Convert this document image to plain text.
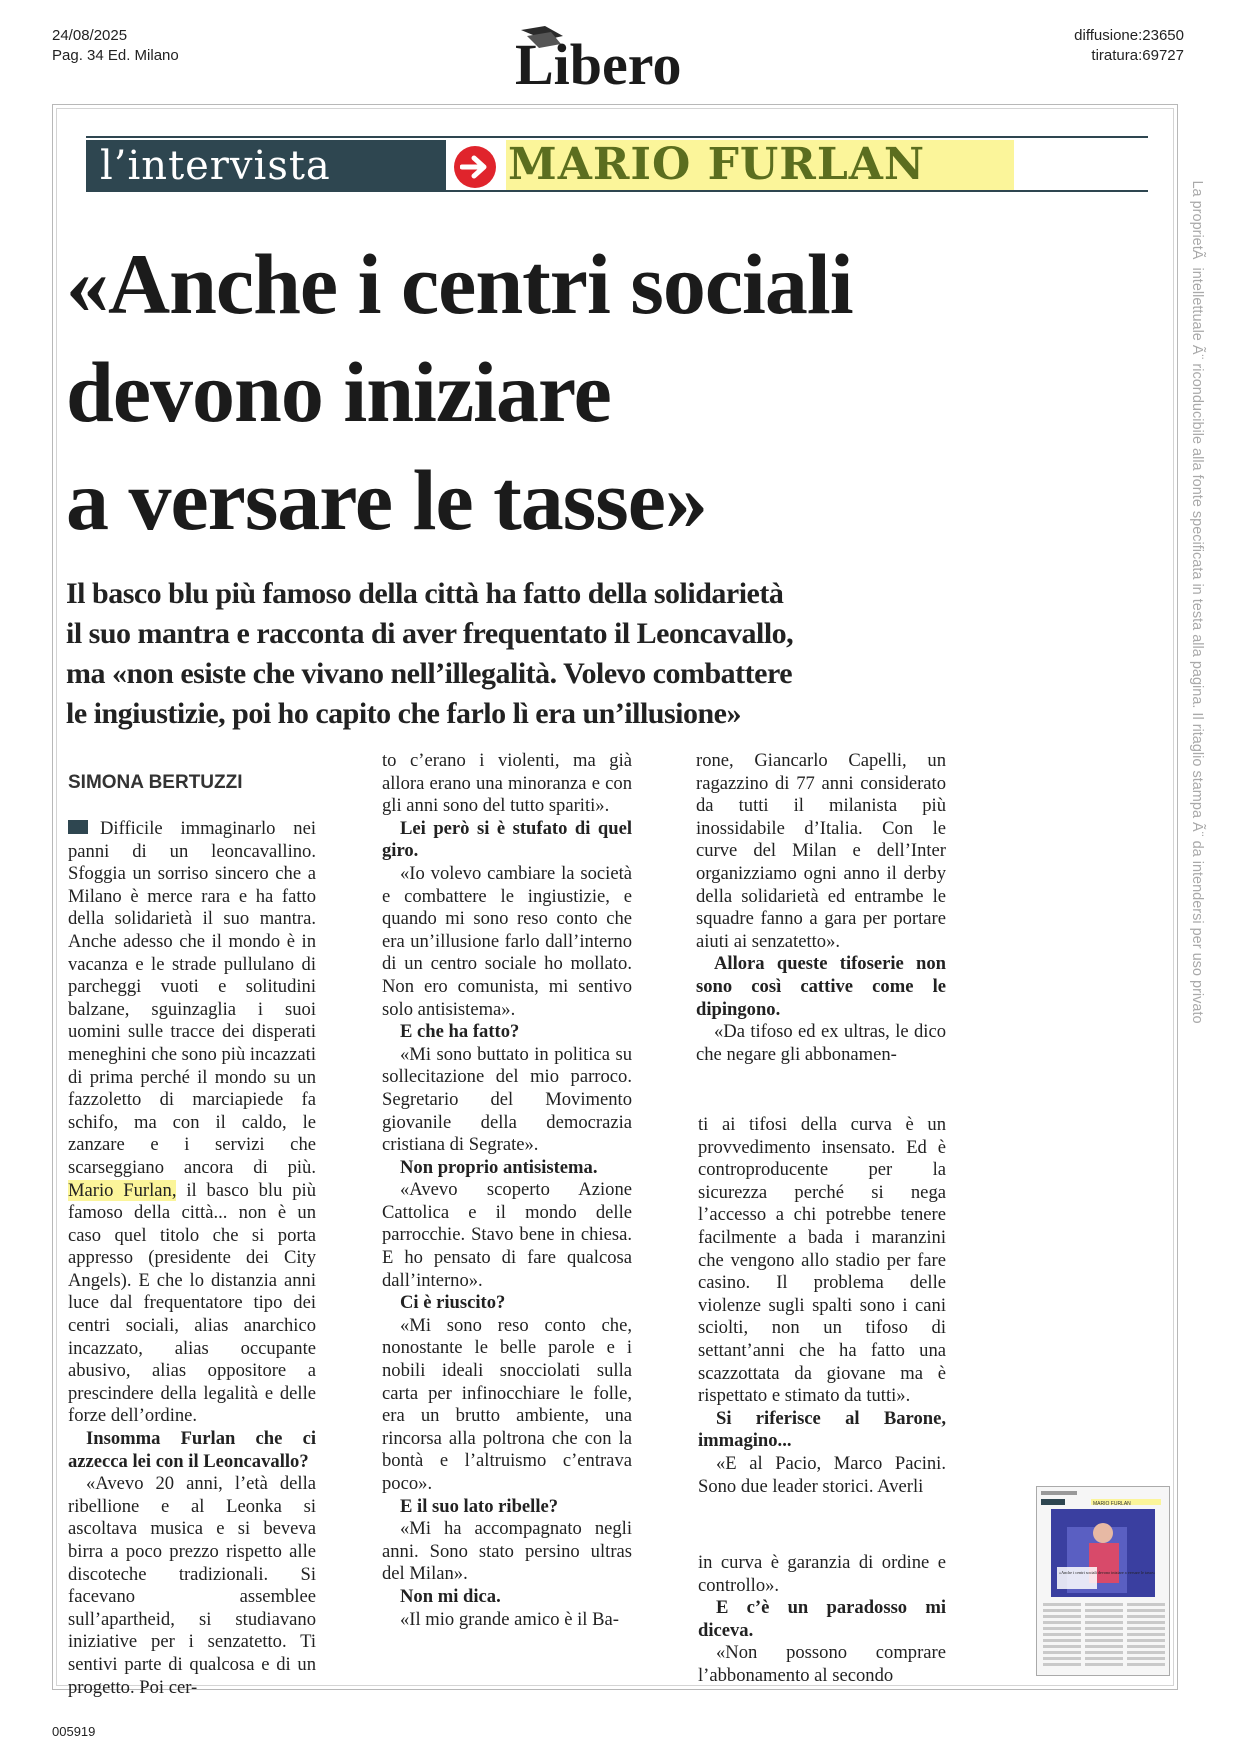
24/08/2025
Pag. 34 Ed. Milano	Libero	diffusione:23650
tiratura:69727
La proprietÃ  intellettuale Ã¨ riconducibile alla fonte specificata in testa alla pagina. Il ritaglio stampa Ã¨ da intendersi per uso privato
l’intervista	MARIO FURLAN
«Anche i centri sociali
devono iniziare
a versare le tasse»
Il basco blu più famoso della città ha fatto della solidarietà
il suo mantra e racconta di aver frequentato il Leoncavallo,
ma «non esiste che vivano nell’illegalità. Volevo combattere
le ingiustizie, poi ho capito che farlo lì era un’illusione»
SIMONA BERTUZZI

Difficile immaginarlo nei panni di un leoncavallino. Sfoggia un sorriso sincero che a Milano è merce rara e ha fatto della solidarietà il suo mantra. Anche adesso che il mondo è in vacanza e le strade pullulano di parcheggi vuoti e solitudini balzane, sguinzaglia i suoi uomini sulle tracce dei disperati meneghini che sono più incazzati di prima perché il mondo su un fazzoletto di marciapiede fa schifo, ma con il caldo, le zanzare e i servizi che scarseggiano ancora di più. Mario Furlan, il basco blu più famoso della città... non è un caso quel titolo che si porta appresso (presidente dei City Angels). E che lo distanzia anni luce dal frequentatore tipo dei centri sociali, alias anarchico incazzato, alias occupante abusivo, alias oppositore a prescindere della legalità e delle forze dell’ordine.

Insomma Furlan che ci azzecca lei con il Leoncavallo?

«Avevo 20 anni, l’età della ribellione e al Leonka si ascoltava musica e si beveva birra a poco prezzo rispetto alle discoteche tradizionali. Si facevano assemblee sull’apartheid, si studiavano iniziative per i senzatetto. Ti sentivi parte di qualcosa e di un progetto. Poi cer-

to c’erano i violenti, ma già allora erano una minoranza e con gli anni sono del tutto spariti».

Lei però si è stufato di quel giro.

«Io volevo cambiare la società e combattere le ingiustizie, e quando mi sono reso conto che era un’illusione farlo dall’interno di un centro sociale ho mollato. Non ero comunista, mi sentivo solo antisistema».

E che ha fatto?

«Mi sono buttato in politica su sollecitazione del mio parroco. Segretario del Movimento giovanile della democrazia cristiana di Segrate».

Non proprio antisistema.

«Avevo scoperto Azione Cattolica e il mondo delle parrocchie. Stavo bene in chiesa. E ho pensato di fare qualcosa dall’interno».

Ci è riuscito?

«Mi sono reso conto che, nonostante le belle parole e i nobili ideali snocciolati sulla carta per infinocchiare le folle, era un brutto ambiente, una rincorsa alla poltrona che con la bontà e l’altruismo c’entrava poco».

E il suo lato ribelle?

«Mi ha accompagnato negli anni. Sono stato persino ultras del Milan».

Non mi dica.

«Il mio grande amico è il Ba-

rone, Giancarlo Capelli, un ragazzino di 77 anni considerato da tutti il milanista più inossidabile d’Italia. Con le curve del Milan e dell’Inter organizziamo ogni anno il derby della solidarietà ed entrambe le squadre fanno a gara per portare aiuti ai senzatetto».

Allora queste tifoserie non sono così cattive come le dipingono.

«Da tifoso ed ex ultras, le dico che negare gli abbonamen-

ti ai tifosi della curva è un provvedimento insensato. Ed è controproducente per la sicurezza perché si nega l’accesso a chi potrebbe tenere facilmente a bada i maranzini che vengono allo stadio per fare casino. Il problema delle violenze sugli spalti sono i cani sciolti, non un tifoso di settant’anni che ha fatto una scazzottata da giovane ma è rispettato e stimato da tutti».

Si riferisce al Barone, immagino...

«E al Pacio, Marco Pacini. Sono due leader storici. Averli

in curva è garanzia di ordine e controllo».

E c’è un paradosso mi diceva.

«Non possono comprare l’abbonamento al secondo

MARIO FURLAN
«Anche i centri sociali devono iniziare a versare le tasse»
005919
